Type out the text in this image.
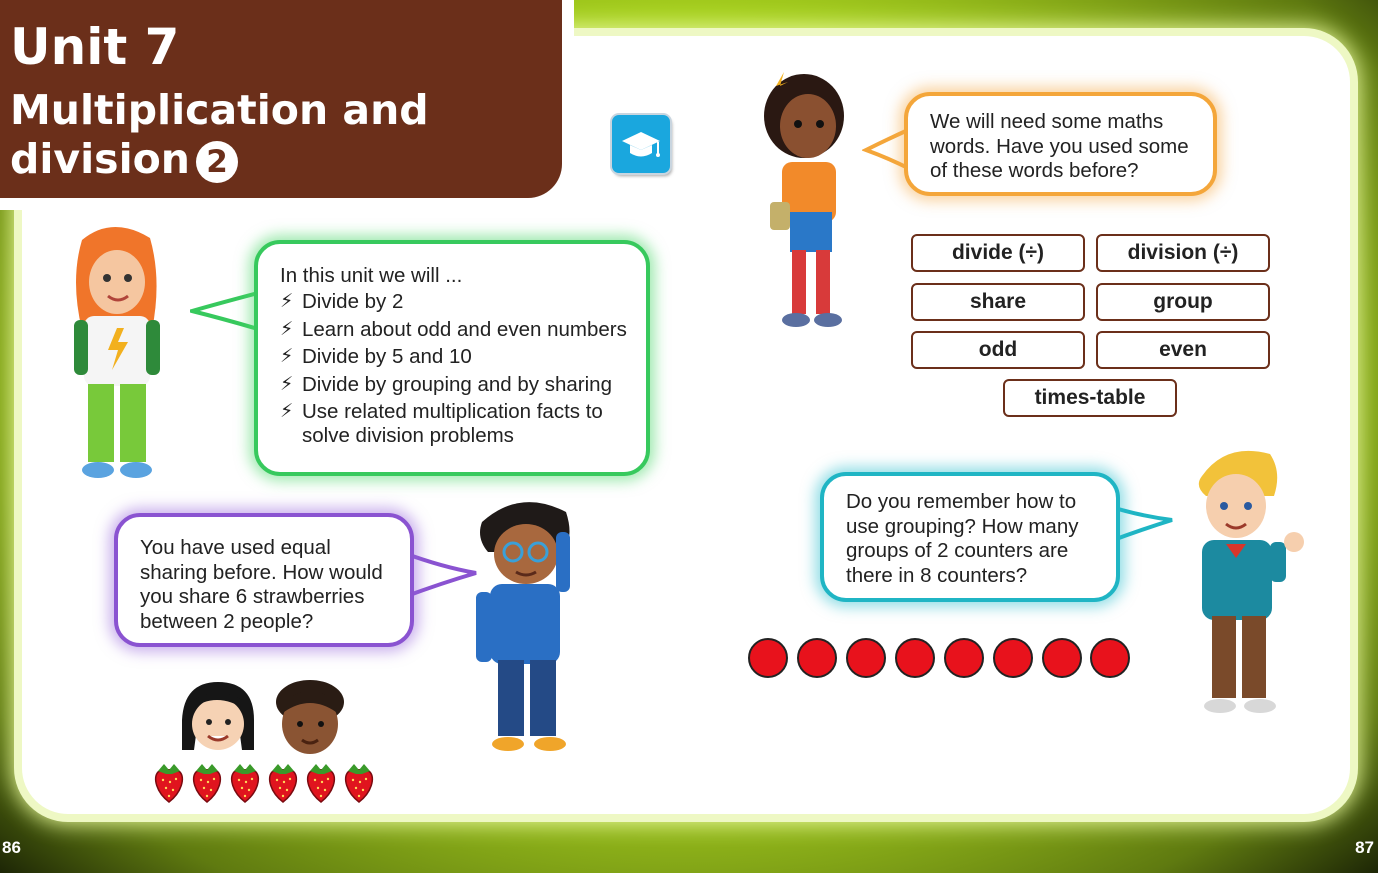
Unit 7
Multiplication and
division 2

In this unit we will ...

⚡︎ Divide by 2
⚡︎ Learn about odd and even numbers
⚡︎ Divide by 5 and 10
⚡︎ Divide by grouping and by sharing
⚡︎ Use related multiplication facts to solve division problems

You have used equal sharing before. How would you share 6 strawberries between 2 people?

We will need some maths words. Have you used some of these words before?

Do you remember how to use grouping? How many groups of 2 counters are there in 8 counters?

divide (÷)	division (÷)
share	group
odd	even
times-table
86	87
